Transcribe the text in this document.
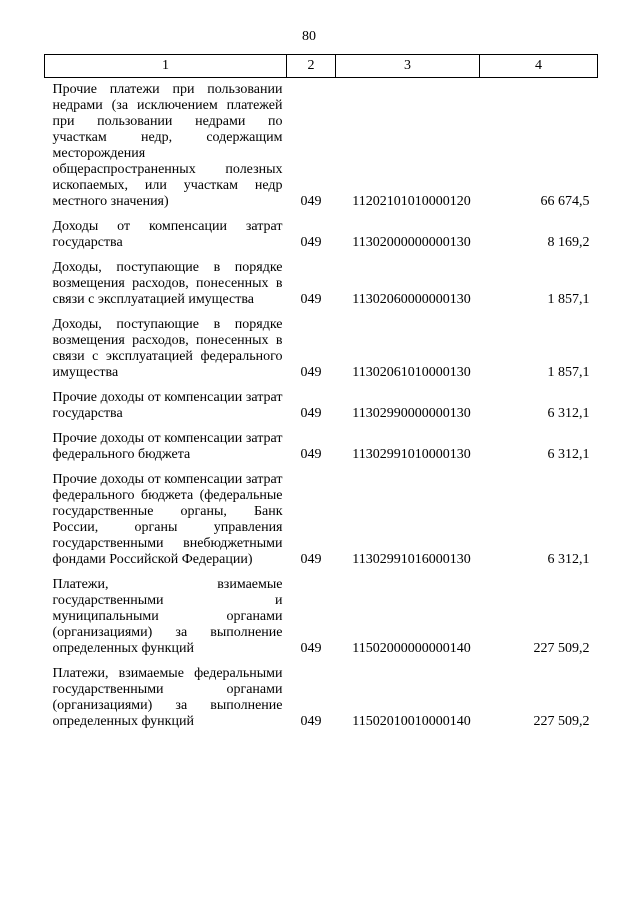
80
1	2	3	4
Прочие платежи при пользовании недрами (за исключением платежей при пользовании недрами по участкам недр, содержащим месторождения общераспространенных полезных ископаемых, или участкам недр местного значения)	049	11202101010000120	66 674,5
Доходы от компенсации затрат государства	049	11302000000000130	8 169,2
Доходы, поступающие в порядке возмещения расходов, понесенных в связи с эксплуатацией имущества	049	11302060000000130	1 857,1
Доходы, поступающие в порядке возмещения расходов, понесенных в связи с эксплуатацией федерального имущества	049	11302061010000130	1 857,1
Прочие доходы от компенсации затрат государства	049	11302990000000130	6 312,1
Прочие доходы от компенсации затрат федерального бюджета	049	11302991010000130	6 312,1
Прочие доходы от компенсации затрат федерального бюджета (федеральные государственные органы, Банк России, органы управления государственными внебюджетными фондами Российской Федерации)	049	11302991016000130	6 312,1
Платежи, взимаемые государственными и муниципальными органами (организациями) за выполнение определенных функций	049	11502000000000140	227 509,2
Платежи, взимаемые федеральными государственными органами (организациями) за выполнение определенных функций	049	11502010010000140	227 509,2
